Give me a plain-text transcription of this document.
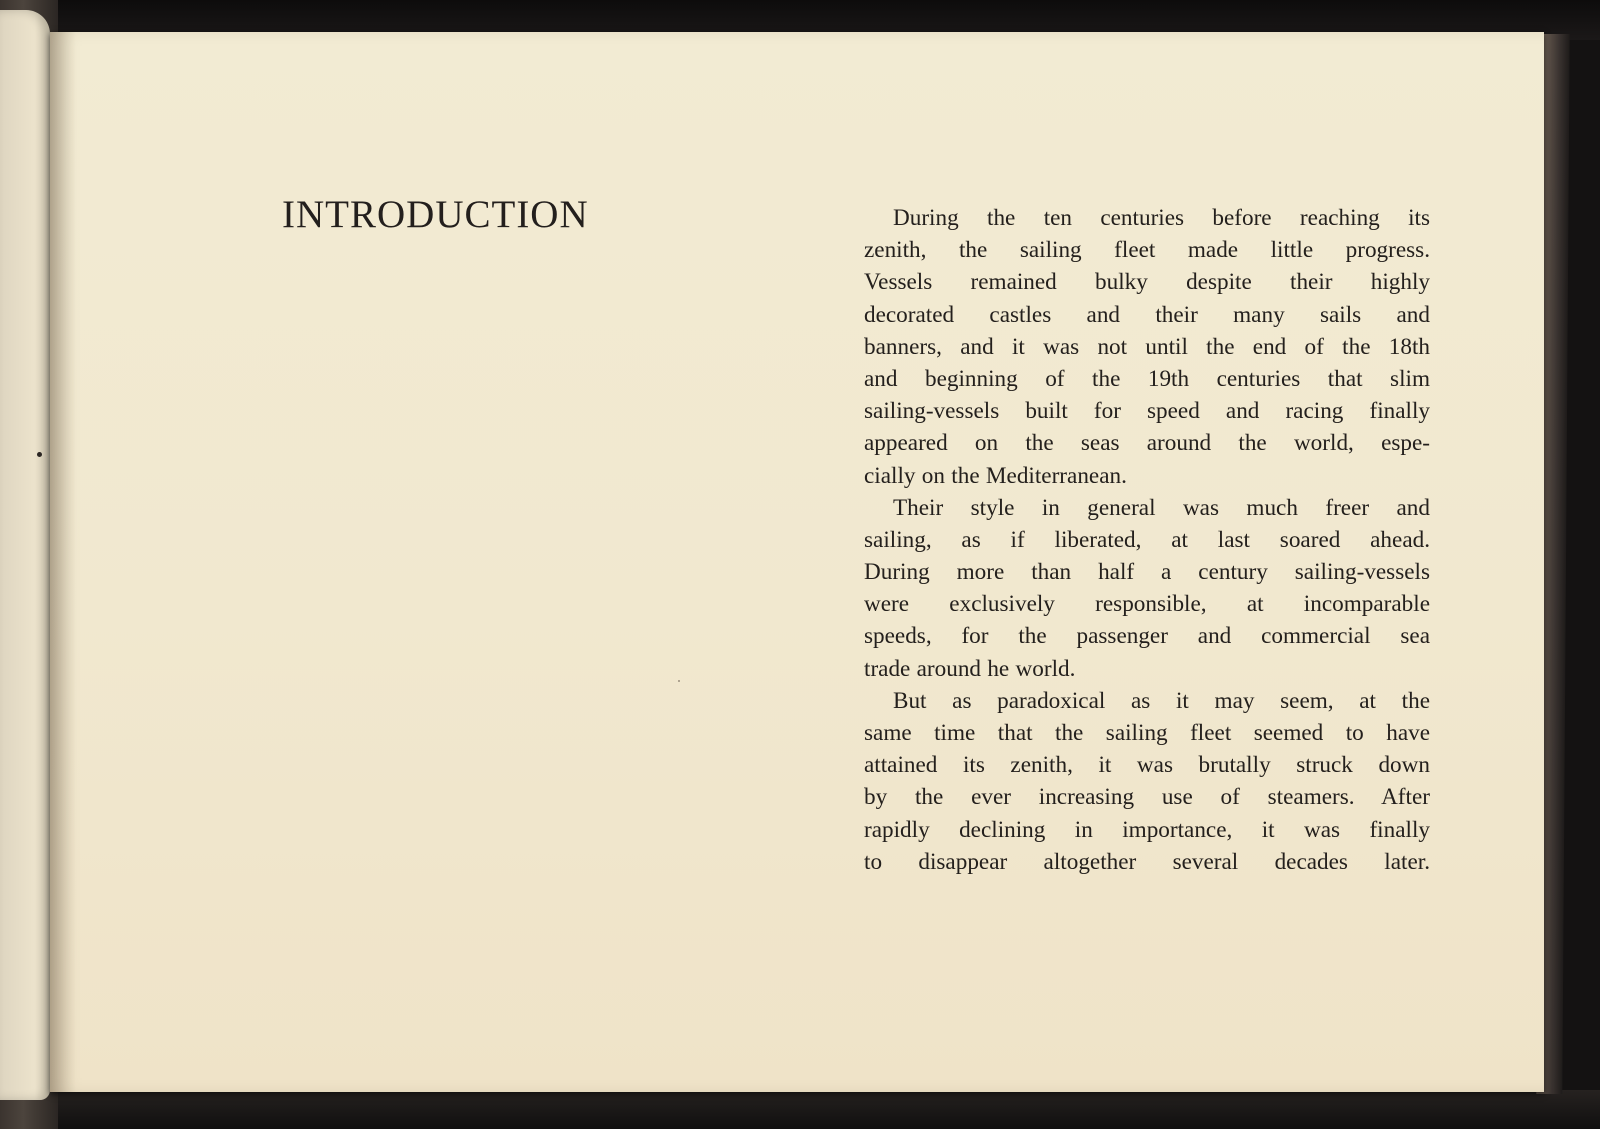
INTRODUCTION	During the ten centuries before reaching its
zenith, the sailing fleet made little progress.
Vessels remained bulky despite their highly
decorated castles and their many sails and
banners, and it was not until the end of the 18th
and beginning of the 19th centuries that slim
sailing-vessels built for speed and racing finally
appeared on the seas around the world, espe-
cially on the Mediterranean.

Their style in general was much freer and
sailing, as if liberated, at last soared ahead.
During more than half a century sailing-vessels
were exclusively responsible, at incomparable
speeds, for the passenger and commercial sea
trade around he world.

But as paradoxical as it may seem, at the
same time that the sailing fleet seemed to have
attained its zenith, it was brutally struck down
by the ever increasing use of steamers. After
rapidly declining in importance, it was finally
to disappear altogether several decades later.
